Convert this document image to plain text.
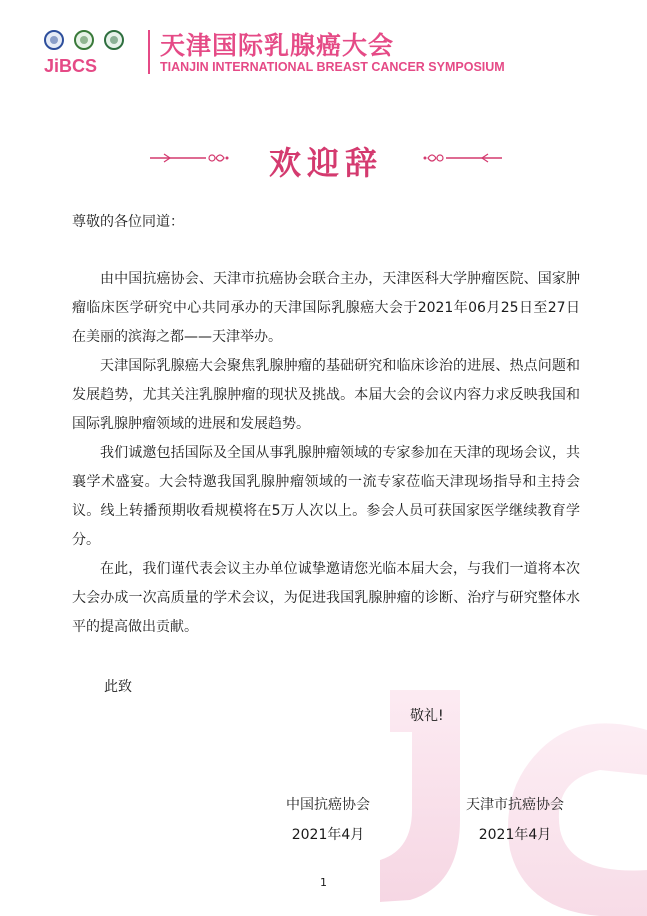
JiBCS
天津国际乳腺癌大会
TIANJIN INTERNATIONAL BREAST CANCER SYMPOSIUM
欢迎辞
尊敬的各位同道：

由中国抗癌协会、天津市抗癌协会联合主办，天津医科大学肿瘤医院、国家肿瘤临床医学研究中心共同承办的天津国际乳腺癌大会于2021年06月25日至27日在美丽的滨海之都——天津举办。

天津国际乳腺癌大会聚焦乳腺肿瘤的基础研究和临床诊治的进展、热点问题和发展趋势，尤其关注乳腺肿瘤的现状及挑战。本届大会的会议内容力求反映我国和国际乳腺肿瘤领域的进展和发展趋势。

我们诚邀包括国际及全国从事乳腺肿瘤领域的专家参加在天津的现场会议，共襄学术盛宴。大会特邀我国乳腺肿瘤领域的一流专家莅临天津现场指导和主持会议。线上转播预期收看规模将在5万人次以上。参会人员可获国家医学继续教育学分。

在此，我们谨代表会议主办单位诚挚邀请您光临本届大会，与我们一道将本次大会办成一次高质量的学术会议，为促进我国乳腺肿瘤的诊断、治疗与研究整体水平的提高做出贡献。

此致
敬礼!
中国抗癌协会
2021年4月
天津市抗癌协会
2021年4月
1
